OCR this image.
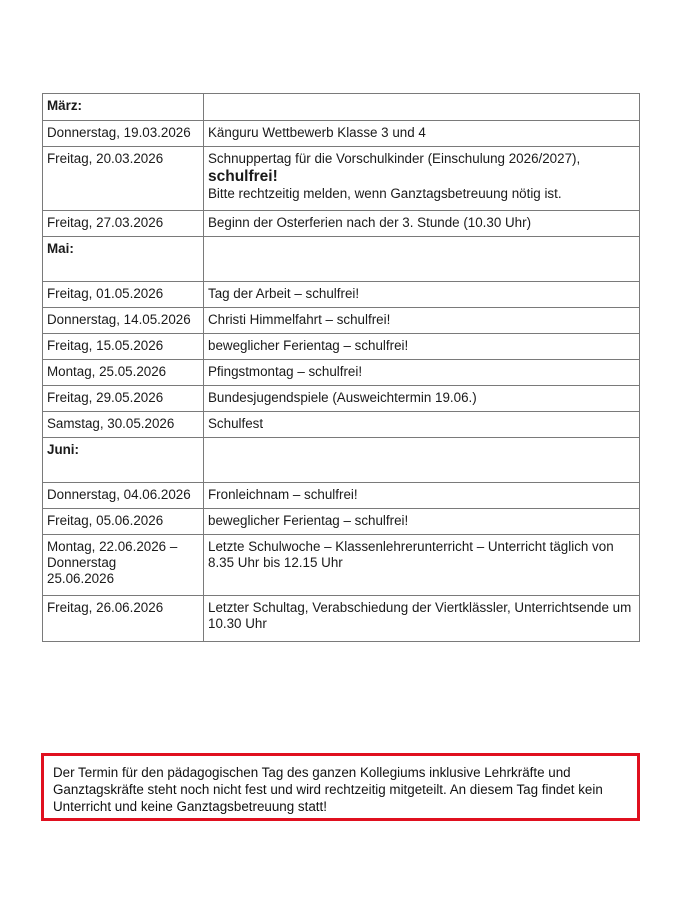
März:	
Donnerstag, 19.03.2026	Känguru Wettbewerb Klasse 3 und 4
Freitag, 20.03.2026	Schnuppertag für die Vorschulkinder (Einschulung 2026/2027),
schulfrei!
Bitte rechtzeitig melden, wenn Ganztagsbetreuung nötig ist.

Freitag, 27.03.2026	Beginn der Osterferien nach der 3. Stunde (10.30 Uhr)
Mai:	
Freitag, 01.05.2026	Tag der Arbeit – schulfrei!
Donnerstag, 14.05.2026	Christi Himmelfahrt – schulfrei!
Freitag, 15.05.2026	beweglicher Ferientag – schulfrei!
Montag, 25.05.2026	Pfingstmontag – schulfrei!
Freitag, 29.05.2026	Bundesjugendspiele (Ausweichtermin 19.06.)
Samstag, 30.05.2026	Schulfest
Juni:	
Donnerstag, 04.06.2026	Fronleichnam – schulfrei!
Freitag, 05.06.2026	beweglicher Ferientag – schulfrei!

Montag, 22.06.2026 –
Donnerstag
25.06.2026	Letzte Schulwoche – Klassenlehrerunterricht – Unterricht täglich von 8.35 Uhr bis 12.15 Uhr
Freitag, 26.06.2026	Letzter Schultag, Verabschiedung der Viertklässler, Unterrichtsende um 10.30 Uhr

Der Termin für den pädagogischen Tag des ganzen Kollegiums inklusive Lehrkräfte und Ganztagskräfte steht noch nicht fest und wird rechtzeitig mitgeteilt. An diesem Tag findet kein Unterricht und keine Ganztagsbetreuung statt!
